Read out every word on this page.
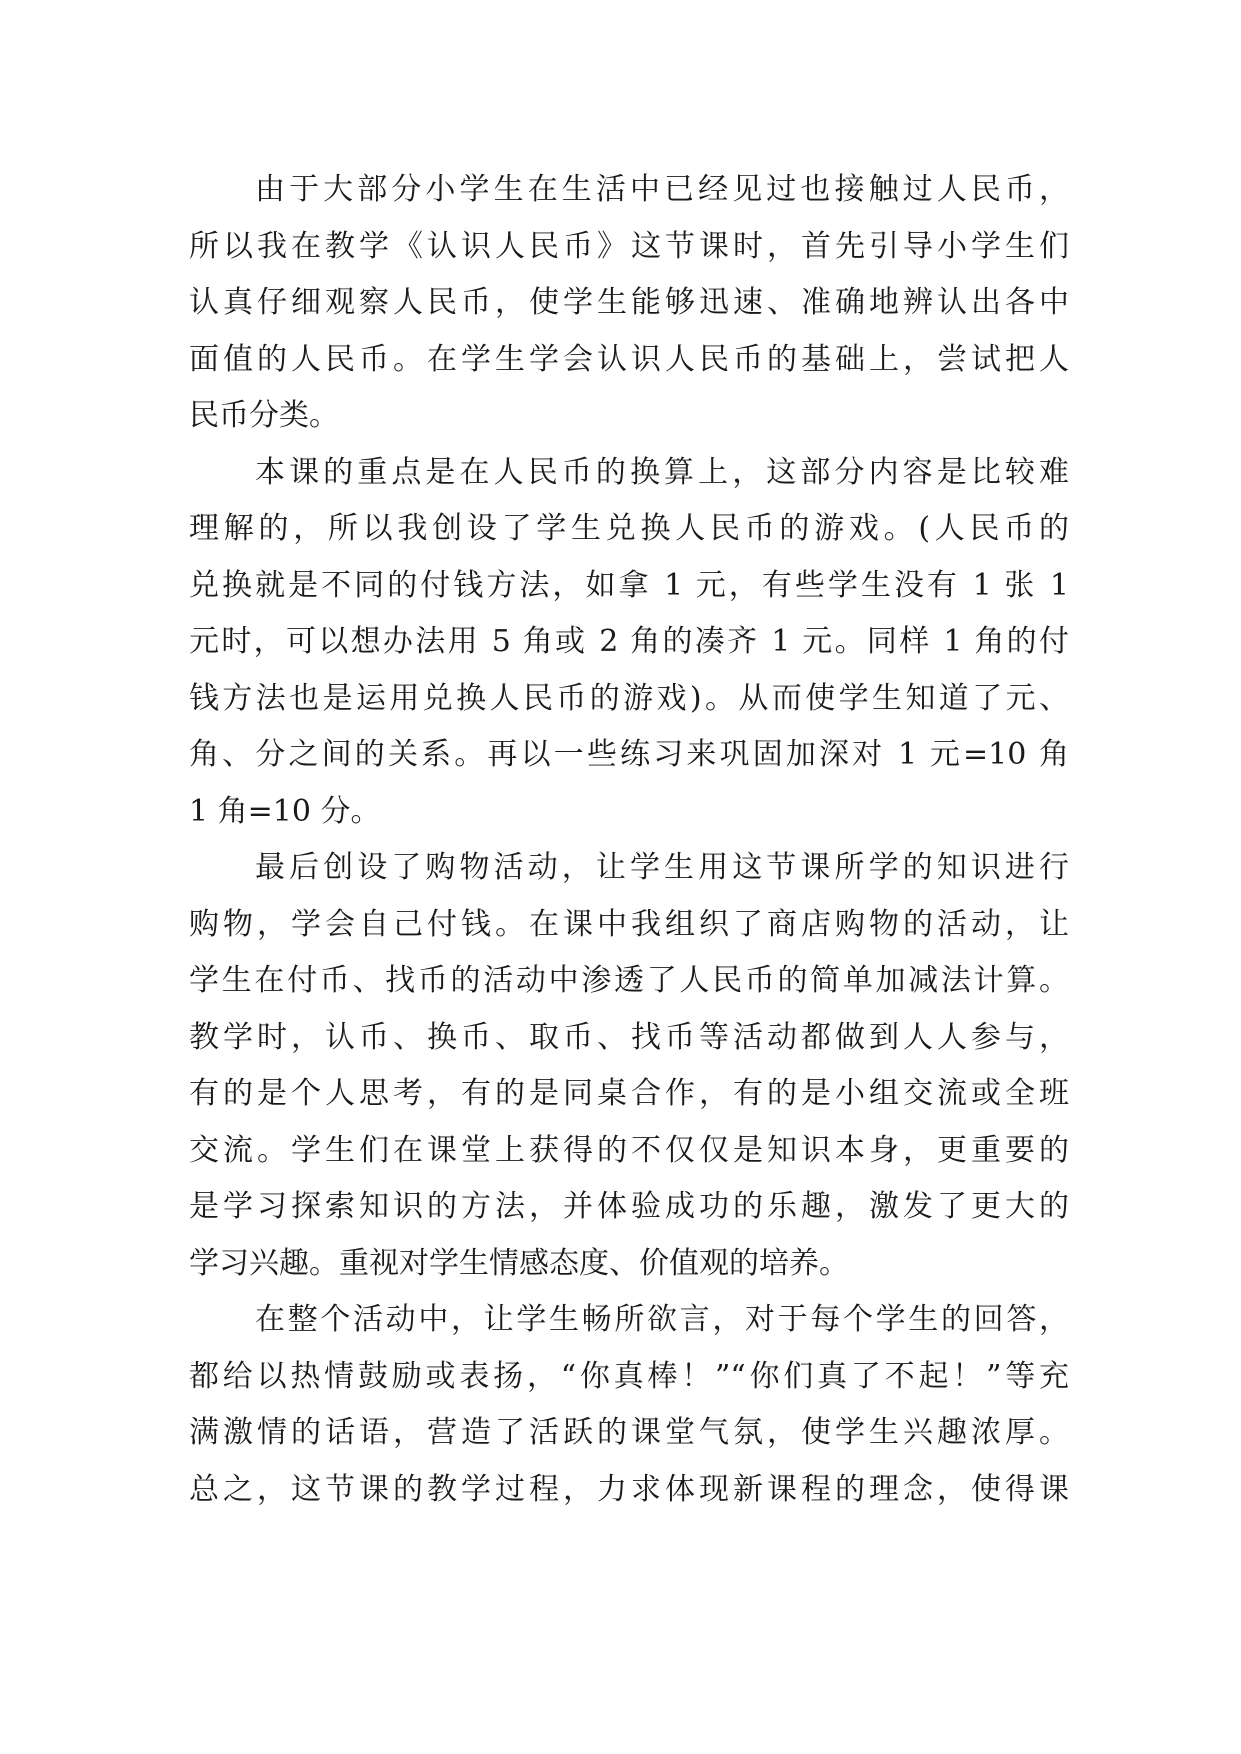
由于大部分小学生在生活中已经见过也接触过人民币，
所以我在教学《认识人民币》这节课时，首先引导小学生们
认真仔细观察人民币，使学生能够迅速、准确地辨认出各中
面值的人民币。在学生学会认识人民币的基础上，尝试把人
民币分类。
本课的重点是在人民币的换算上，这部分内容是比较难
理解的，所以我创设了学生兑换人民币的游戏。(人民币的
兑换就是不同的付钱方法，如拿 1 元，有些学生没有 1 张 1
元时，可以想办法用 5 角或 2 角的凑齐 1 元。同样 1 角的付
钱方法也是运用兑换人民币的游戏)。从而使学生知道了元、
角、分之间的关系。再以一些练习来巩固加深对 1 元=10 角
1 角=10 分。
最后创设了购物活动，让学生用这节课所学的知识进行
购物，学会自己付钱。在课中我组织了商店购物的活动，让
学生在付币、找币的活动中渗透了人民币的简单加减法计算。
教学时，认币、换币、取币、找币等活动都做到人人参与，
有的是个人思考，有的是同桌合作，有的是小组交流或全班
交流。学生们在课堂上获得的不仅仅是知识本身，更重要的
是学习探索知识的方法，并体验成功的乐趣，激发了更大的
学习兴趣。重视对学生情感态度、价值观的培养。
在整个活动中，让学生畅所欲言，对于每个学生的回答，
都给以热情鼓励或表扬，“你真棒！”“你们真了不起！”等充
满激情的话语，营造了活跃的课堂气氛，使学生兴趣浓厚。
总之，这节课的教学过程，力求体现新课程的理念，使得课
